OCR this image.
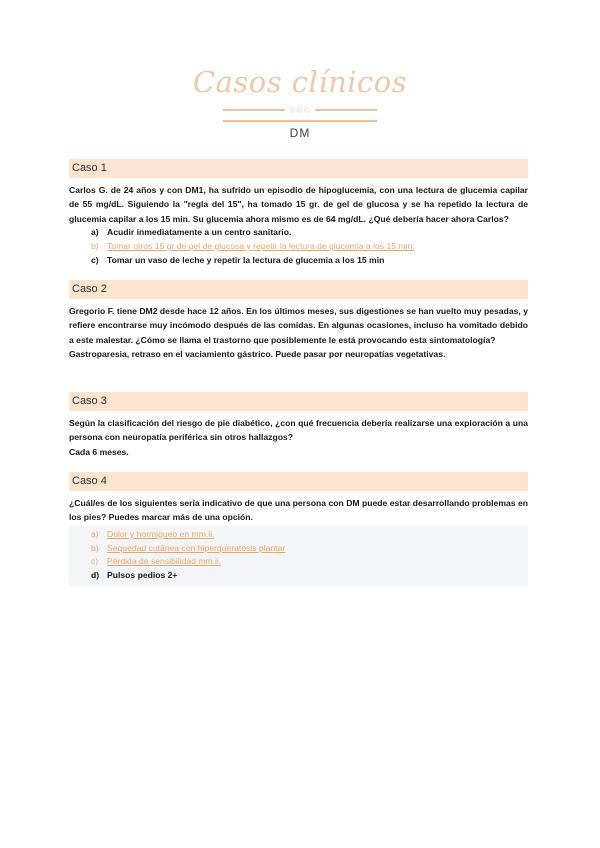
Casos clínicos
◇◇◇
DM
Caso 1

Carlos G. de 24 años y con DM1, ha sufrido un episodio de hipoglucemia, con una lectura de glucemia capilar de 55 mg/dL. Siguiendo la "regla del 15", ha tomado 15 gr. de gel de glucosa y se ha repetido la lectura de glucemia capilar a los 15 min. Su glucemia ahora mismo es de 64 mg/dL. ¿Qué debería hacer ahora Carlos?

a) Acudir inmediatamente a un centro sanitario.
b) Tomar otros 15 gr de gel de glucosa y repetir la lectura de glucemia a los 15 min.
c) Tomar un vaso de leche y repetir la lectura de glucemia a los 15 min
Caso 2

Gregorio F. tiene DM2 desde hace 12 años. En los últimos meses, sus digestiones se han vuelto muy pesadas, y refiere encontrarse muy incómodo después de las comidas. En algunas ocasiones, incluso ha vomitado debido a este malestar. ¿Cómo se llama el trastorno que posiblemente le está provocando esta sintomatología?

Gastroparesia, retraso en el vaciamiento gástrico. Puede pasar por neuropatías vegetativas.

Caso 3

Según la clasificación del riesgo de pie diabético, ¿con qué frecuencia debería realizarse una exploración a una persona con neuropatía periférica sin otros hallazgos?

Cada 6 meses.

Caso 4

¿Cuál/es de los siguientes sería indicativo de que una persona con DM puede estar desarrollando problemas en los pies? Puedes marcar más de una opción.

a) Dolor y hormigueo en mm.ii.
b) Sequedad cutánea con hiperqueratosis plantar
c) Pérdida de sensibilidad mm.ii.
d) Pulsos pedios 2+
